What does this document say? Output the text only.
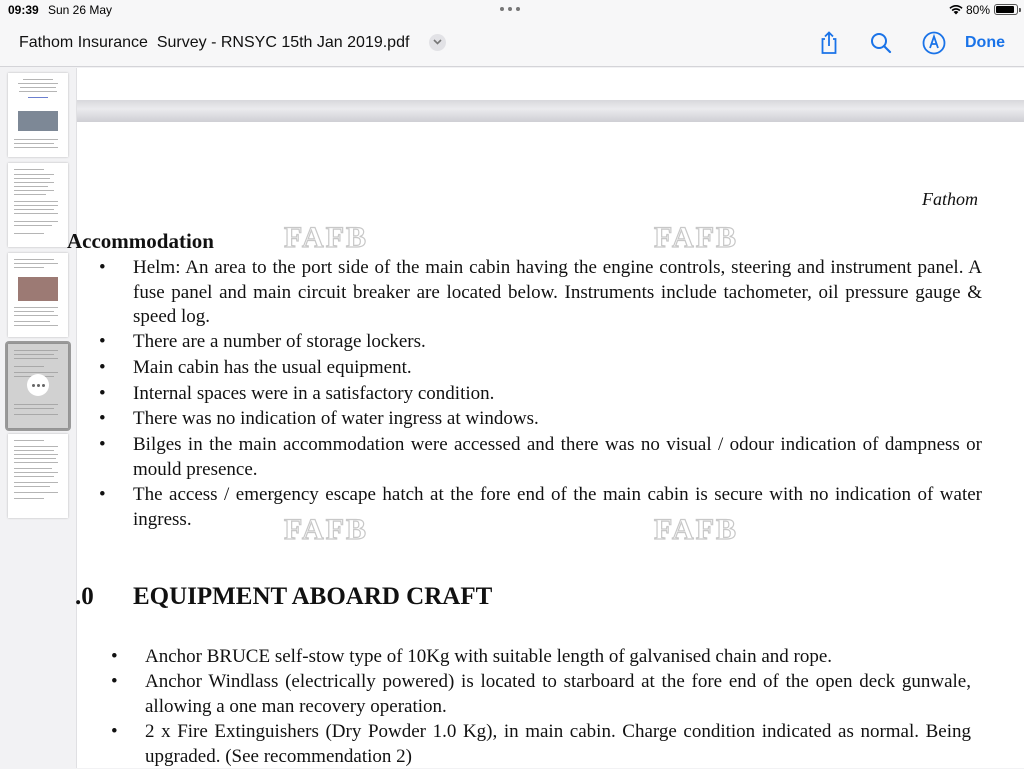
09:39 Sun 26 May	80%
Fathom Insurance  Survey - RNSYC 15th Jan 2019.pdf	Done
Fathom
Accommodation
• Helm: An area to the port side of the main cabin having the engine controls, steering and instrument panel. A fuse panel and main circuit breaker are located below. Instruments include tachometer, oil pressure gauge & speed log.
• There are a number of storage lockers.
• Main cabin has the usual equipment.
• Internal spaces were in a satisfactory condition.
• There was no indication of water ingress at windows.
• Bilges in the main accommodation were accessed and there was no visual / odour indication of dampness or mould presence.
• The access / emergency escape hatch at the fore end of the main cabin is secure with no indication of water ingress.
.0 EQUIPMENT ABOARD CRAFT
• Anchor BRUCE self-stow type of 10Kg with suitable length of galvanised chain and rope.
• Anchor Windlass (electrically powered) is located to starboard at the fore end of the open deck gunwale, allowing a one man recovery operation.
• 2 x Fire Extinguishers (Dry Powder 1.0 Kg), in main cabin. Charge condition indicated as normal. Being upgraded. (See recommendation 2)
FAFB	FAFB
FAFB	FAFB
